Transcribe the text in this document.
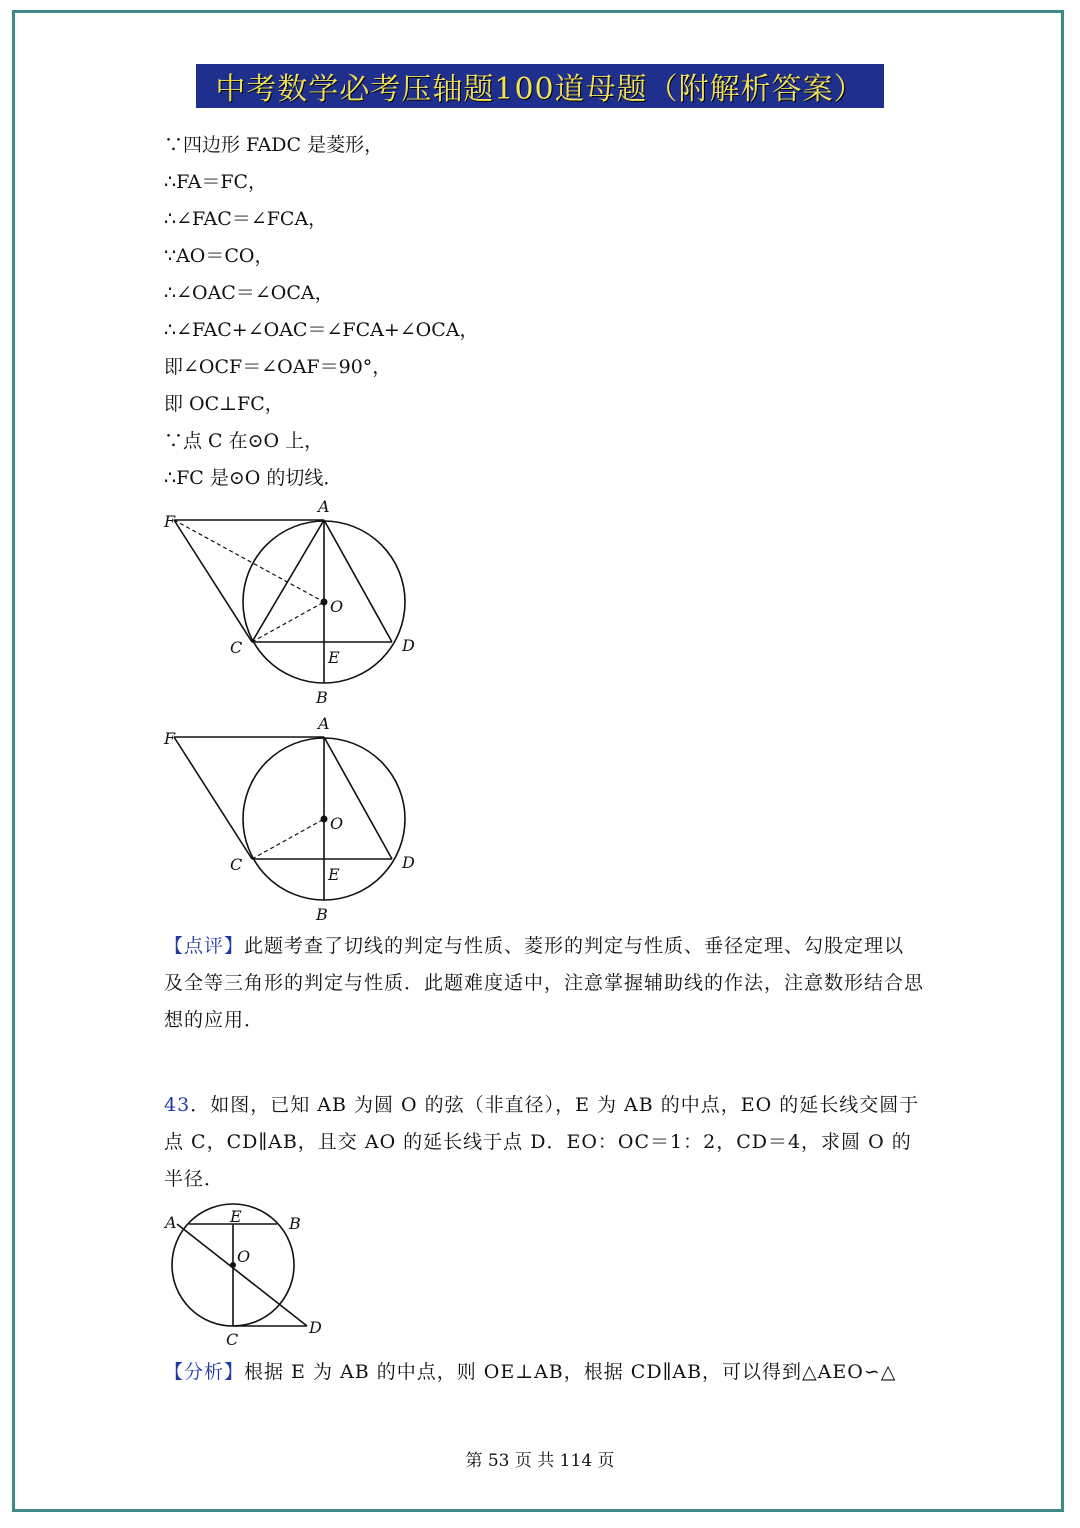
中考数学必考压轴题100道母题（附解析答案）
∵四边形 FADC 是菱形，
∴FA＝FC，
∴∠FAC＝∠FCA，
∵AO＝CO，
∴∠OAC＝∠OCA，
∴∠FAC+∠OAC＝∠FCA+∠OCA，
即∠OCF＝∠OAF＝90°，
即 OC⊥FC，
∵点 C 在⊙O 上，
∴FC 是⊙O 的切线．
F
A
O
C	D
E
B
F
A
O
C	D
E
B
【点评】此题考查了切线的判定与性质、菱形的判定与性质、垂径定理、勾股定理以及全等三角形的判定与性质．此题难度适中，注意掌握辅助线的作法，注意数形结合思想的应用．
43．如图，已知 AB 为圆 O 的弦（非直径），E 为 AB 的中点，EO 的延长线交圆于点 C，CD∥AB，且交 AO 的延长线于点 D．EO：OC＝1：2，CD＝4，求圆 O 的半径．
A	E	B
O
C
D
【分析】根据 E 为 AB 的中点，则 OE⊥AB，根据 CD∥AB，可以得到△AEO∽△
第 53 页 共 114 页
